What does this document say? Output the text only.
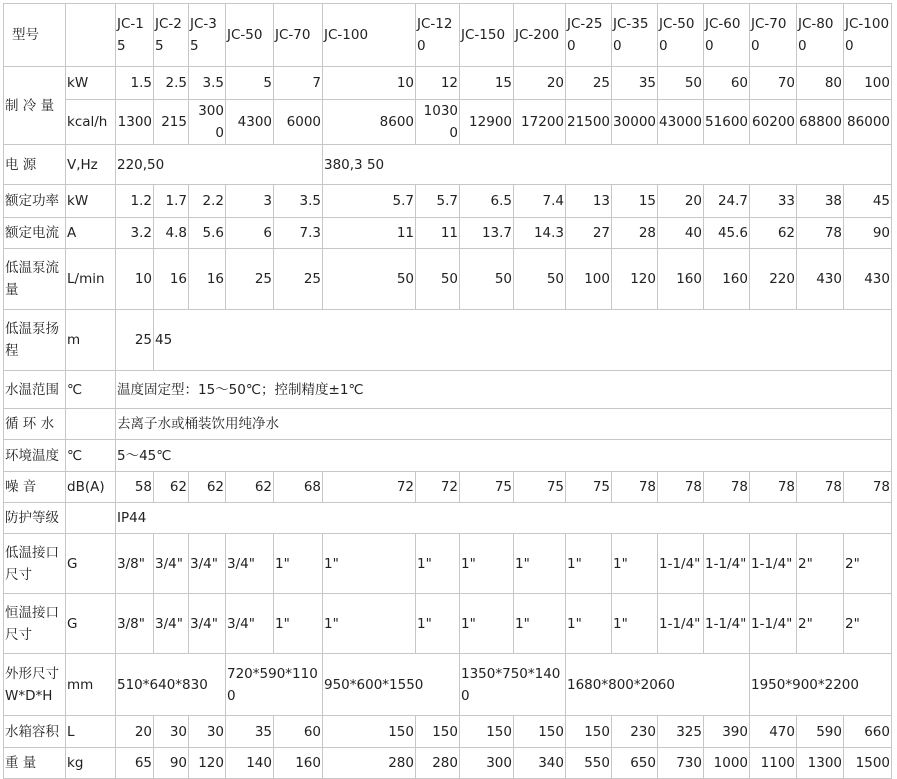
型号		JC-15	JC-25	JC-35	JC-50	JC-70	JC-100	JC-120	JC-150	JC-200	JC-250	JC-350	JC-500	JC-600	JC-700	JC-800	JC-1000
制 冷 量	kW	1.5	2.5	3.5	5	7	10	12	15	20	25	35	50	60	70	80	100
	kcal/h	1300	215	3000	4300	6000	8600	10300	12900	17200	21500	30000	43000	51600	60200	68800	86000
电 源	V,Hz	220,50					380,3 50										
额定功率	kW	1.2	1.7	2.2	3	3.5	5.7	5.7	6.5	7.4	13	15	20	24.7	33	38	45
额定电流	A	3.2	4.8	5.6	6	7.3	11	11	13.7	14.3	27	28	40	45.6	62	78	90
低温泵流量	L/min	10	16	16	25	25	50	50	50	50	100	120	160	160	220	430	430
低温泵扬程	m	25	45														
水温范围	℃	温度固定型：15～50℃；控制精度±1℃															
循 环 水		去离子水或桶装饮用纯净水															
环境温度	℃	5～45℃															
噪 音	dB(A)	58	62	62	62	68	72	72	75	75	75	78	78	78	78	78	78
防护等级		IP44															
低温接口尺寸	G	3/8"	3/4"	3/4"	3/4"	1"	1"	1"	1"	1"	1"	1"	1-1/4"	1-1/4"	1-1/4"	2"	2"
恒温接口尺寸	G	3/8"	3/4"	3/4"	3/4"	1"	1"	1"	1"	1"	1"	1"	1-1/4"	1-1/4"	1-1/4"	2"	2"
外形尺寸W*D*H	mm	510*640*830			720*590*1100		950*600*1550		1350*750*1400		1680*800*2060				1950*900*2200		
水箱容积	L	20	30	30	35	60	150	150	150	150	150	230	325	390	470	590	660
重 量	kg	65	90	120	140	160	280	280	300	340	550	650	730	1000	1100	1300	1500
